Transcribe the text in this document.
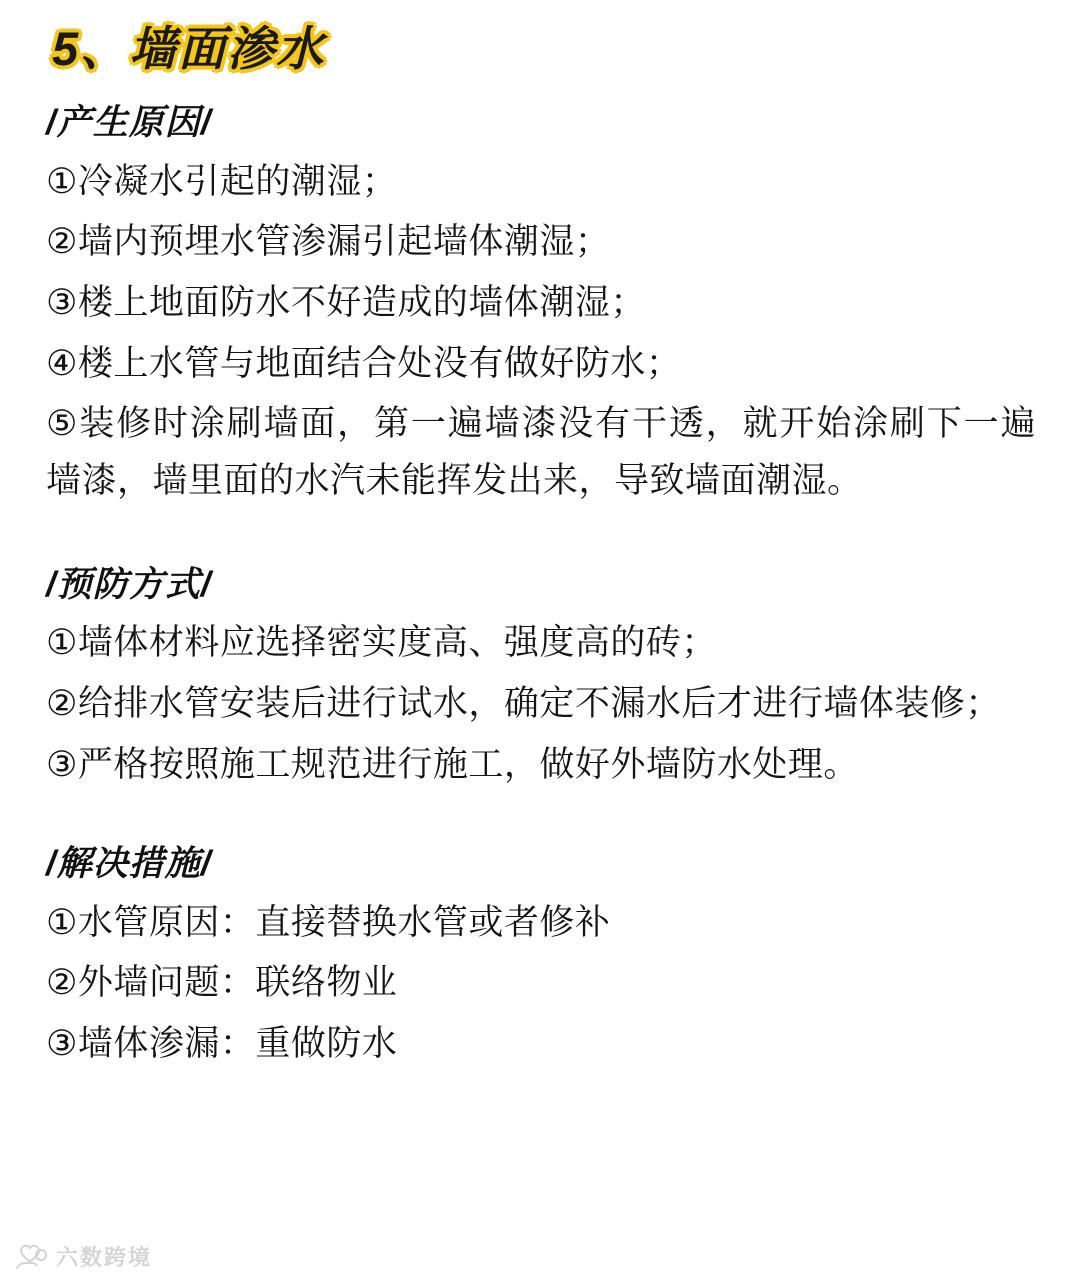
5、墙面渗水
/产生原因/

①冷凝水引起的潮湿；

②墙内预埋水管渗漏引起墙体潮湿；

③楼上地面防水不好造成的墙体潮湿；

④楼上水管与地面结合处没有做好防水；

⑤装修时涂刷墙面，第一遍墙漆没有干透，就开始涂刷下一遍墙漆，墙里面的水汽未能挥发出来，导致墙面潮湿。

/预防方式/

①墙体材料应选择密实度高、强度高的砖；

②给排水管安装后进行试水，确定不漏水后才进行墙体装修；

③严格按照施工规范进行施工，做好外墙防水处理。

/解决措施/

①水管原因：直接替换水管或者修补

②外墙问题：联络物业

③墙体渗漏：重做防水

六数跨境
